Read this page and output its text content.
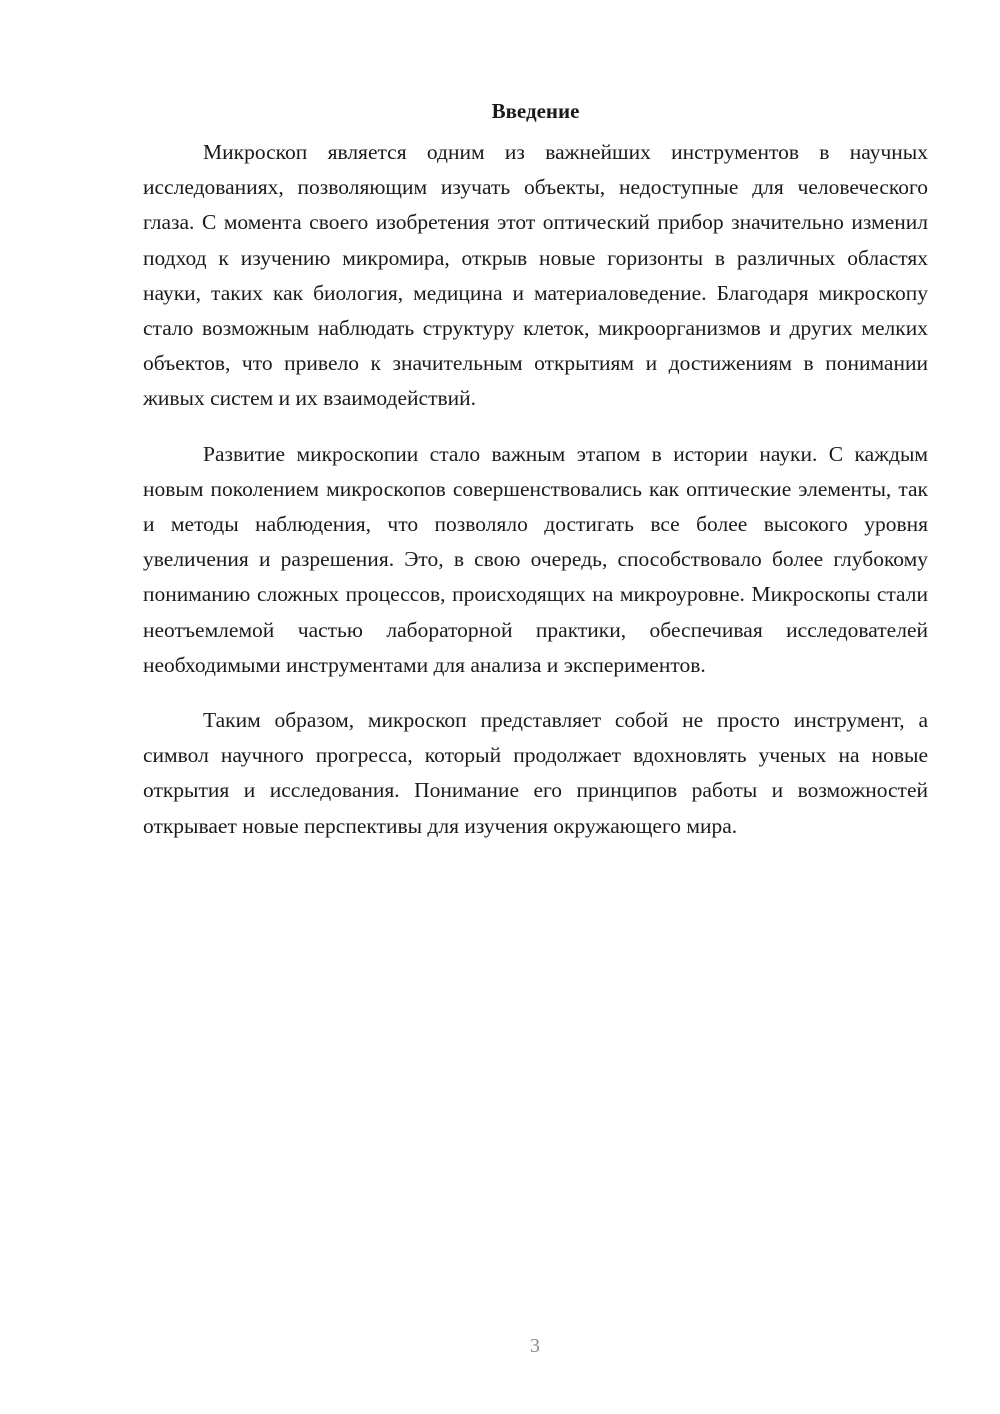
Введение

Микроскоп является одним из важнейших инструментов в научных исследованиях, позволяющим изучать объекты, недоступные для человеческого глаза. С момента своего изобретения этот оптический прибор значительно изменил подход к изучению микромира, открыв новые горизонты в различных областях науки, таких как биология, медицина и материаловедение. Благодаря микроскопу стало возможным наблюдать структуру клеток, микроорганизмов и других мелких объектов, что привело к значительным открытиям и достижениям в понимании живых систем и их взаимодействий.

Развитие микроскопии стало важным этапом в истории науки. С каждым новым поколением микроскопов совершенствовались как оптические элементы, так и методы наблюдения, что позволяло достигать все более высокого уровня увеличения и разрешения. Это, в свою очередь, способствовало более глубокому пониманию сложных процессов, происходящих на микроуровне. Микроскопы стали неотъемлемой частью лабораторной практики, обеспечивая исследователей необходимыми инструментами для анализа и экспериментов.

Таким образом, микроскоп представляет собой не просто инструмент, а символ научного прогресса, который продолжает вдохновлять ученых на новые открытия и исследования. Понимание его принципов работы и возможностей открывает новые перспективы для изучения окружающего мира.

3
